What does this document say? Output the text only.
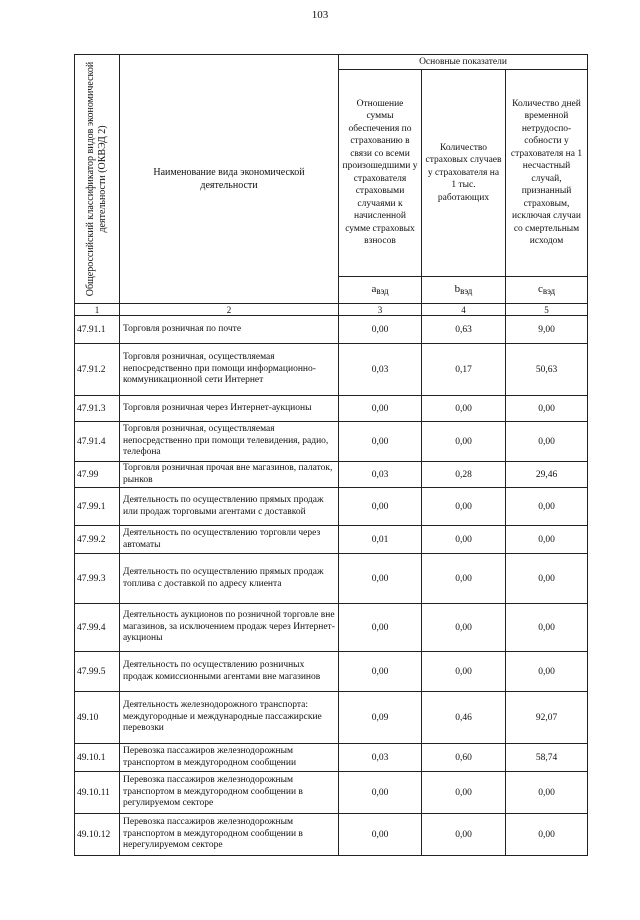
103
Общероссийский классификатор видов экономической деятельности (ОКВЭД 2)	Наименование вида экономической деятельности	Основные показатели		
		Отношение суммы обеспечения по страхованию в связи со всеми произошедшими у страхователя страховыми случаями к начисленной сумме страховых взносов	Количество страховых случаев у страхователя на 1 тыс. работающих	Количество дней временной нетрудоспо-собности у страхователя на 1 несчастный случай, признанный страховым, исключая случаи со смертельным исходом
		$a_{вэд}$	$b_{вэд}$	$c_{вэд}$
1	2	3	4	5
47.91.1	Торговля розничная по почте	0,00	0,63	9,00
47.91.2	Торговля розничная, осуществляемая непосредственно при помощи информационно-коммуникационной сети Интернет	0,03	0,17	50,63
47.91.3	Торговля розничная через Интернет-аукционы	0,00	0,00	0,00
47.91.4	Торговля розничная, осуществляемая непосредственно при помощи телевидения, радио, телефона	0,00	0,00	0,00
47.99	Торговля розничная прочая вне магазинов, палаток, рынков	0,03	0,28	29,46
47.99.1	Деятельность по осуществлению прямых продаж или продаж торговыми агентами с доставкой	0,00	0,00	0,00
47.99.2	Деятельность по осуществлению торговли через автоматы	0,01	0,00	0,00
47.99.3	Деятельность по осуществлению прямых продаж топлива с доставкой по адресу клиента	0,00	0,00	0,00
47.99.4	Деятельность аукционов по розничной торговле вне магазинов, за исключением продаж через Интернет-аукционы	0,00	0,00	0,00
47.99.5	Деятельность по осуществлению розничных продаж комиссионными агентами вне магазинов	0,00	0,00	0,00
49.10	Деятельность железнодорожного транспорта: междугородные и международные пассажирские перевозки	0,09	0,46	92,07
49.10.1	Перевозка пассажиров железнодорожным транспортом в междугородном сообщении	0,03	0,60	58,74
49.10.11	Перевозка пассажиров железнодорожным транспортом в междугородном сообщении в регулируемом секторе	0,00	0,00	0,00
49.10.12	Перевозка пассажиров железнодорожным транспортом в междугородном сообщении в нерегулируемом секторе	0,00	0,00	0,00
